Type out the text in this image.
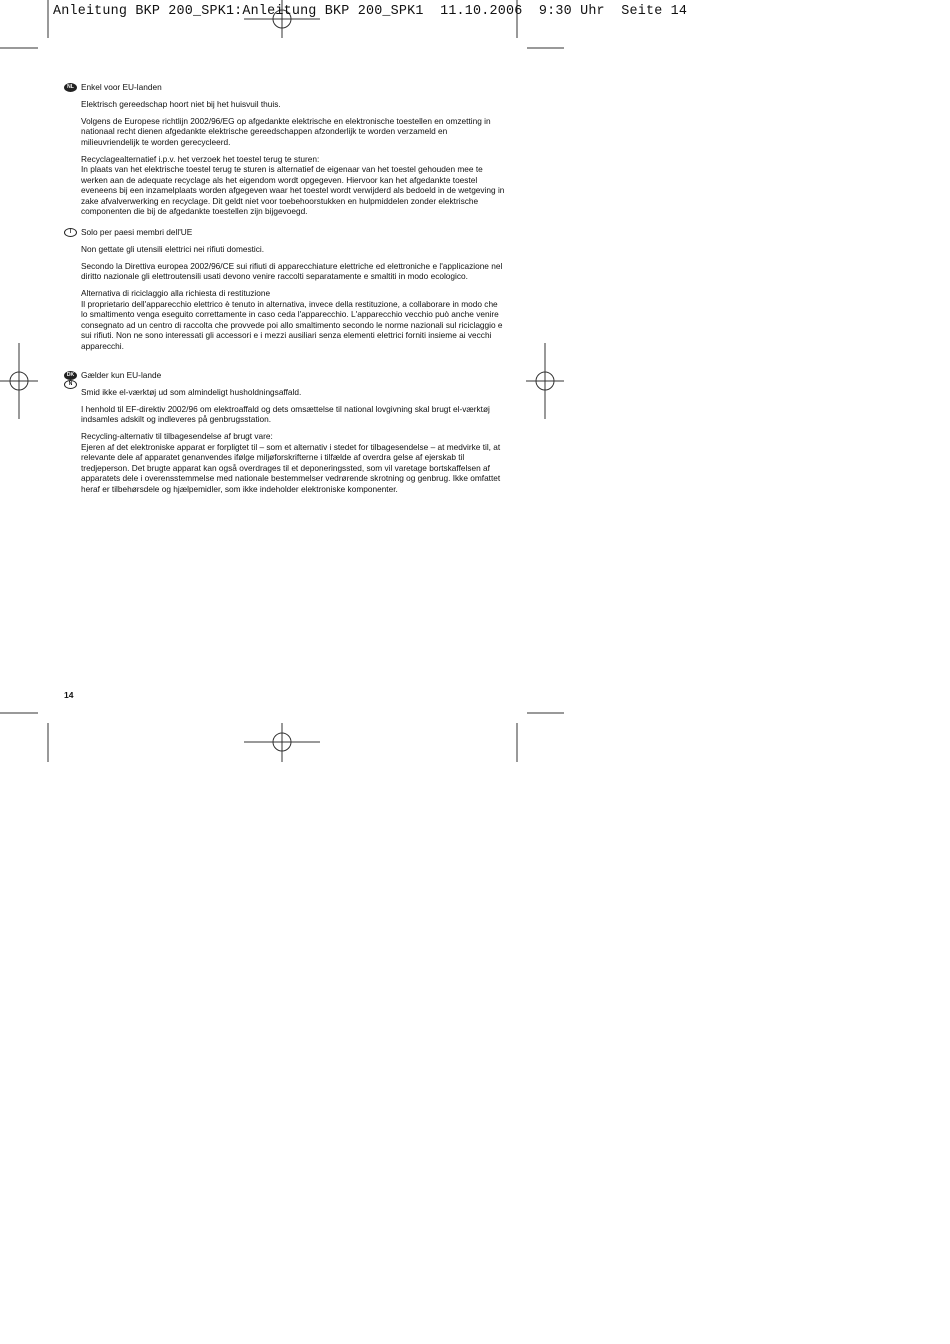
Anleitung BKP 200_SPK1:Anleitung BKP 200_SPK1  11.10.2006  9:30 Uhr  Seite 14
NL Enkel voor EU-landen

Elektrisch gereedschap hoort niet bij het huisvuil thuis.

Volgens de Europese richtlijn 2002/96/EG op afgedankte elektrische en elektronische toestellen en omzetting in nationaal recht dienen afgedankte elektrische gereedschappen afzonderlijk te worden verzameld en milieuvriendelijk te worden gerecycleerd.

Recyclagealternatief i.p.v. het verzoek het toestel terug te sturen:
In plaats van het elektrische toestel terug te sturen is alternatief de eigenaar van het toestel gehouden mee te werken aan de adequate recyclage als het eigendom wordt opgegeven. Hiervoor kan het afgedankte toestel eveneens bij een inzamelplaats worden afgegeven waar het toestel wordt verwijderd als bedoeld in de wetgeving in zake afvalverwerking en recyclage. Dit geldt niet voor toebehoorstukken en hulpmiddelen zonder elektrische componenten die bij de afgedankte toestellen zijn bijgevoegd.

I	Solo per paesi membri dell'UE

Non gettate gli utensili elettrici nei rifiuti domestici.

Secondo la Direttiva europea 2002/96/CE sui rifiuti di apparecchiature elettriche ed elettroniche e l'applicazione nel diritto nazionale gli elettroutensili usati devono venire raccolti separatamente e smaltiti in modo ecologico.

Alternativa di riciclaggio alla richiesta di restituzione
Il proprietario dell'apparecchio elettrico è tenuto in alternativa, invece della restituzione, a collaborare in modo che lo smaltimento venga eseguito correttamente in caso ceda l'apparecchio. L'apparecchio vecchio può anche venire consegnato ad un centro di raccolta che provvede poi allo smaltimento secondo le norme nazionali sul riciclaggio e sui rifiuti. Non ne sono interessati gli accessori e i mezzi ausiliari senza elementi elettrici forniti insieme ai vecchi apparecchi.

DK
N
Gælder kun EU-lande

Smid ikke el-værktøj ud som almindeligt husholdningsaffald.

I henhold til EF-direktiv 2002/96 om elektroaffald og dets omsættelse til national lovgivning skal brugt el-værktøj indsamles adskilt og indleveres på genbrugsstation.

Recycling-alternativ til tilbagesendelse af brugt vare:
Ejeren af det elektroniske apparat er forpligtet til – som et alternativ i stedet for tilbagesendelse – at medvirke til, at relevante dele af apparatet genanvendes ifølge miljøforskrifterne i tilfælde af overdra gelse af ejerskab til tredjeperson. Det brugte apparat kan også overdrages til et deponeringssted, som vil varetage bortskaffelsen af apparatets dele i overensstemmelse med nationale bestemmelser vedrørende skrotning og genbrug. Ikke omfattet heraf er tilbehørsdele og hjælpemidler, som ikke indeholder elektroniske komponenter.

14
